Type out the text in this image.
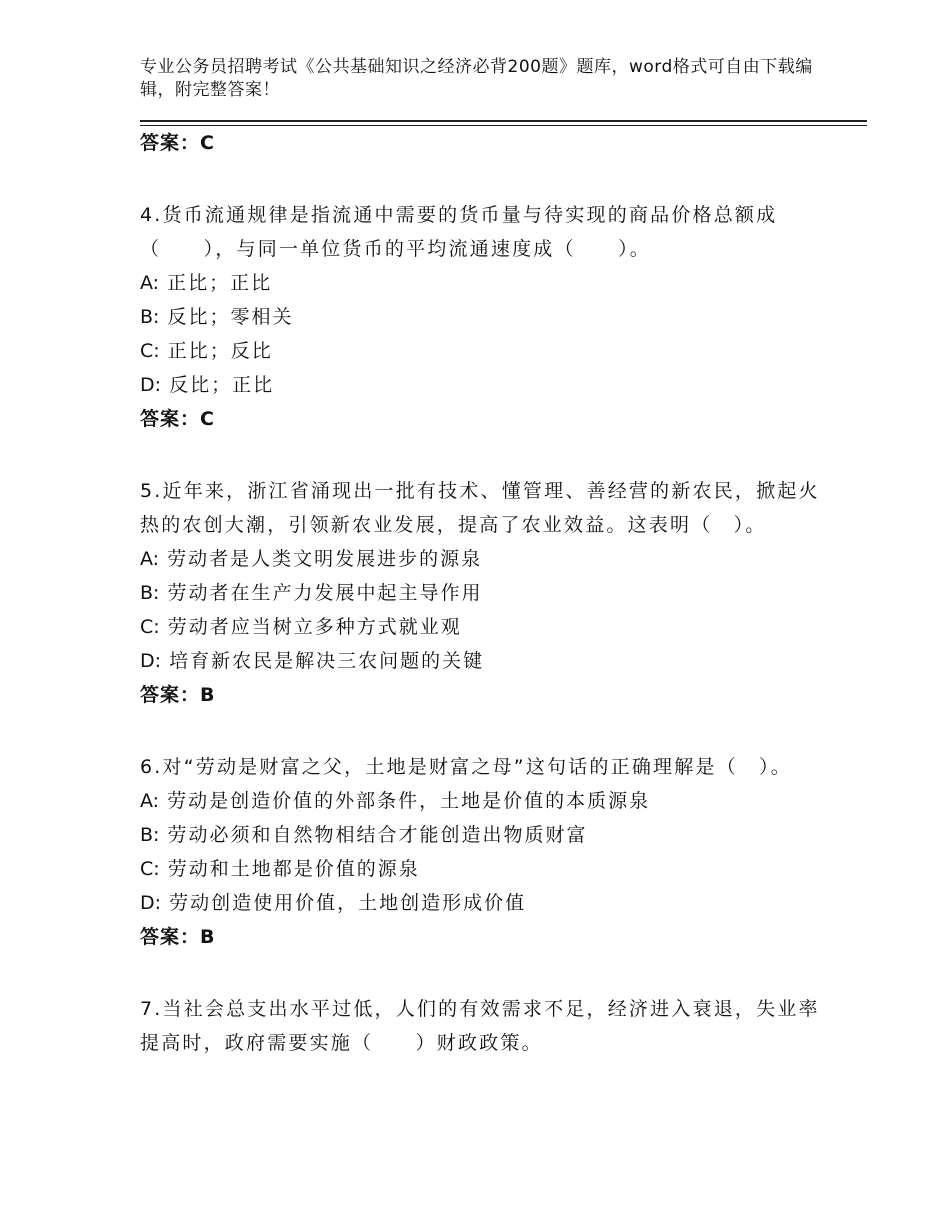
专业公务员招聘考试《公共基础知识之经济必背200题》题库，word格式可自由下载编辑，附完整答案！
答案：C

4.货币流通规律是指流通中需要的货币量与待实现的商品价格总额成（　　），与同一单位货币的平均流通速度成（　　）。

A: 正比；正比
B: 反比；零相关
C: 正比；反比
D: 反比；正比
答案：C

5.近年来，浙江省涌现出一批有技术、懂管理、善经营的新农民，掀起火热的农创大潮，引领新农业发展，提高了农业效益。这表明（　）。

A: 劳动者是人类文明发展进步的源泉
B: 劳动者在生产力发展中起主导作用
C: 劳动者应当树立多种方式就业观
D: 培育新农民是解决三农问题的关键
答案：B

6.对“劳动是财富之父，土地是财富之母”这句话的正确理解是（　）。

A: 劳动是创造价值的外部条件，土地是价值的本质源泉
B: 劳动必须和自然物相结合才能创造出物质财富
C: 劳动和土地都是价值的源泉
D: 劳动创造使用价值，土地创造形成价值
答案：B

7.当社会总支出水平过低，人们的有效需求不足，经济进入衰退，失业率提高时，政府需要实施（　　）财政政策。
